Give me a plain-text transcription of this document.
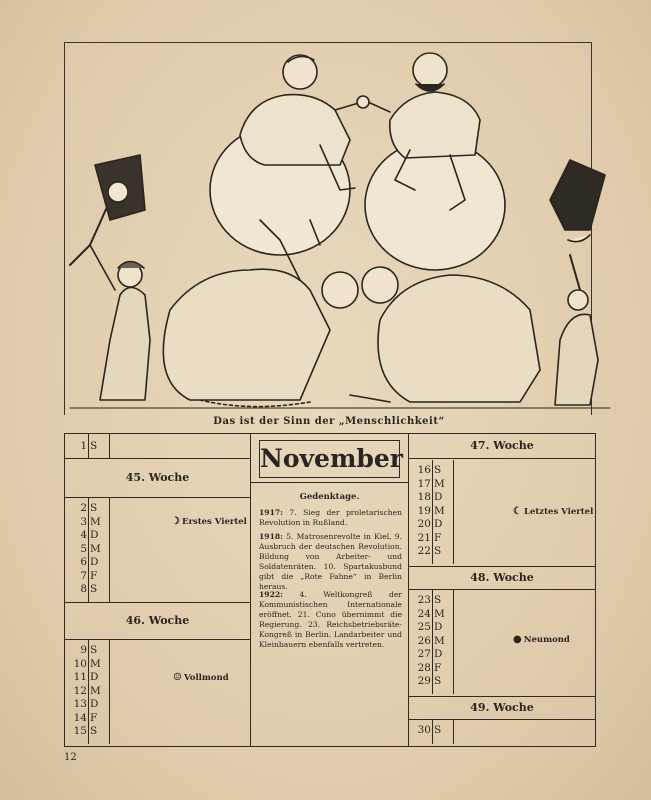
Das ist der Sinn der „Menschlichkeit“
1 S
45. Woche
2 S
3 M
4 D
5 M
6 D
7 F
8 S
☽ Erstes Viertel
46. Woche
9 S
10 M
11 D
12 M
13 D
14 F
15 S
☺ Vollmond
November
Gedenktage.
1917: 7. Sieg der proletarischen Revolution in Rußland.
1918: 5. Matrosenrevolte in Kiel, 9. Ausbruch der deutschen Revolution. Bildung von Arbeiter- und Soldatenräten. 10. Spartakusbund gibt die „Rote Fahne“ in Berlin heraus.
1922: 4. Weltkongreß der Kommunistischen Internationale eröffnet. 21. Cuno übernimmt die Regierung. 23. Reichsbetriebsräte-Kongreß in Berlin. Landarbeiter und Kleinbauern ebenfalls vertreten.
47. Woche
16 S
17 M
18 D
19 M
20 D
21 F
22 S
☾ Letztes Viertel
48. Woche
23 S
24 M
25 D
26 M
27 D
28 F
29 S
● Neumond
49. Woche
30 S
12
